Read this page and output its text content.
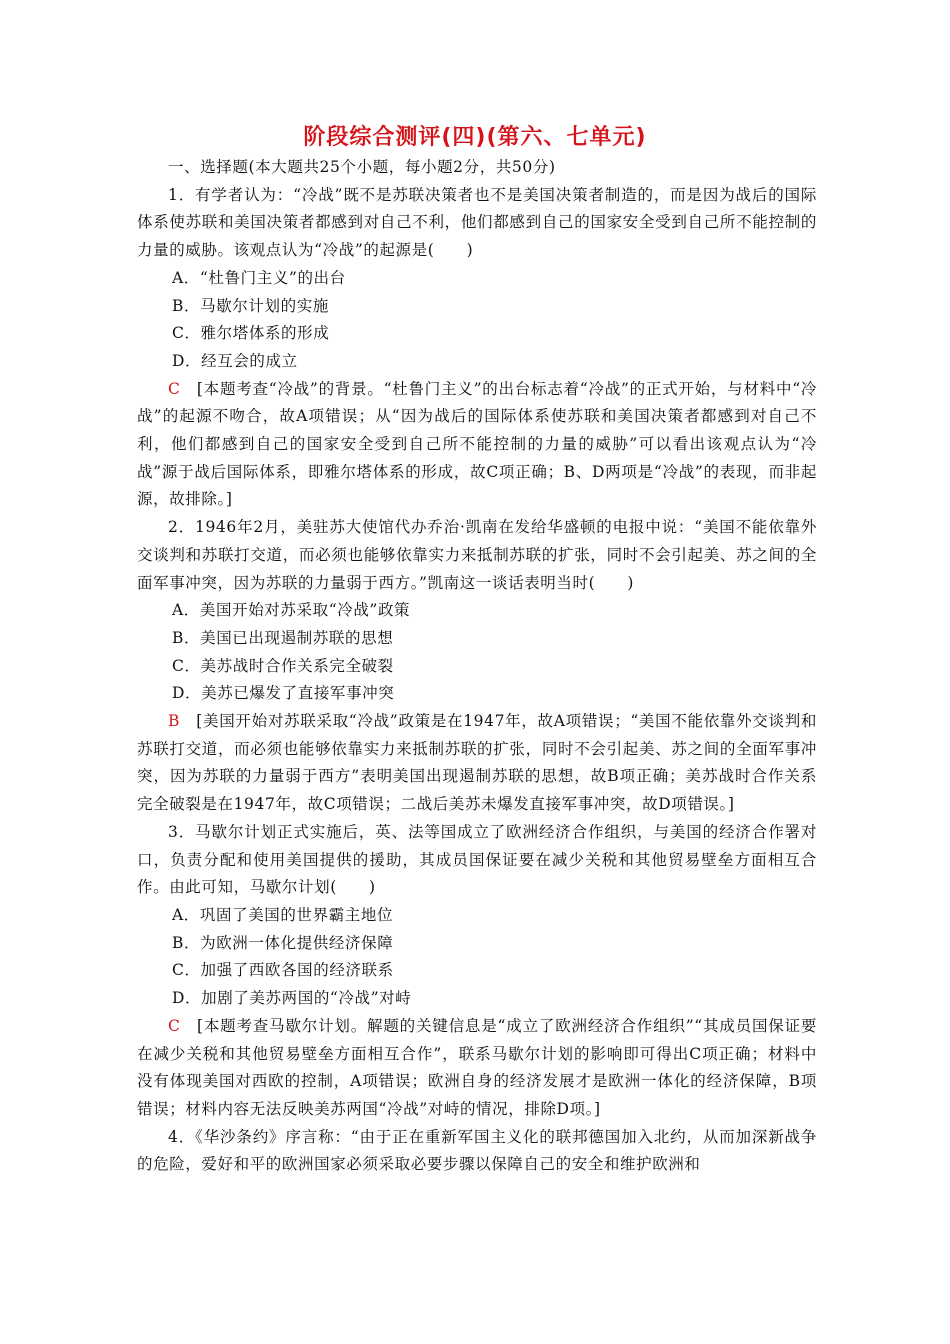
阶段综合测评(四)(第六、七单元)

一、选择题(本大题共25个小题，每小题2分，共50分)

1．有学者认为：“冷战”既不是苏联决策者也不是美国决策者制造的，而是因为战后的国际体系使苏联和美国决策者都感到对自己不利，他们都感到自己的国家安全受到自己所不能控制的力量的威胁。该观点认为“冷战”的起源是(　　)

A．“杜鲁门主义”的出台

B．马歇尔计划的实施

C．雅尔塔体系的形成

D．经互会的成立

C　[本题考查“冷战”的背景。“杜鲁门主义”的出台标志着“冷战”的正式开始，与材料中“冷战”的起源不吻合，故A项错误；从“因为战后的国际体系使苏联和美国决策者都感到对自己不利，他们都感到自己的国家安全受到自己所不能控制的力量的威胁”可以看出该观点认为“冷战”源于战后国际体系，即雅尔塔体系的形成，故C项正确；B、D两项是“冷战”的表现，而非起源，故排除。]

2．1946年2月，美驻苏大使馆代办乔治·凯南在发给华盛顿的电报中说：“美国不能依靠外交谈判和苏联打交道，而必须也能够依靠实力来抵制苏联的扩张，同时不会引起美、苏之间的全面军事冲突，因为苏联的力量弱于西方。”凯南这一谈话表明当时(　　)

A．美国开始对苏采取“冷战”政策

B．美国已出现遏制苏联的思想

C．美苏战时合作关系完全破裂

D．美苏已爆发了直接军事冲突

B　[美国开始对苏联采取“冷战”政策是在1947年，故A项错误；“美国不能依靠外交谈判和苏联打交道，而必须也能够依靠实力来抵制苏联的扩张，同时不会引起美、苏之间的全面军事冲突，因为苏联的力量弱于西方”表明美国出现遏制苏联的思想，故B项正确；美苏战时合作关系完全破裂是在1947年，故C项错误；二战后美苏未爆发直接军事冲突，故D项错误。]

3．马歇尔计划正式实施后，英、法等国成立了欧洲经济合作组织，与美国的经济合作署对口，负责分配和使用美国提供的援助，其成员国保证要在减少关税和其他贸易壁垒方面相互合作。由此可知，马歇尔计划(　　)

A．巩固了美国的世界霸主地位

B．为欧洲一体化提供经济保障

C．加强了西欧各国的经济联系

D．加剧了美苏两国的“冷战”对峙

C　[本题考查马歇尔计划。解题的关键信息是“成立了欧洲经济合作组织”“其成员国保证要在减少关税和其他贸易壁垒方面相互合作”，联系马歇尔计划的影响即可得出C项正确；材料中没有体现美国对西欧的控制，A项错误；欧洲自身的经济发展才是欧洲一体化的经济保障，B项错误；材料内容无法反映美苏两国“冷战”对峙的情况，排除D项。]

4．《华沙条约》序言称：“由于正在重新军国主义化的联邦德国加入北约，从而加深新战争的危险，爱好和平的欧洲国家必须采取必要步骤以保障自己的安全和维护欧洲和
